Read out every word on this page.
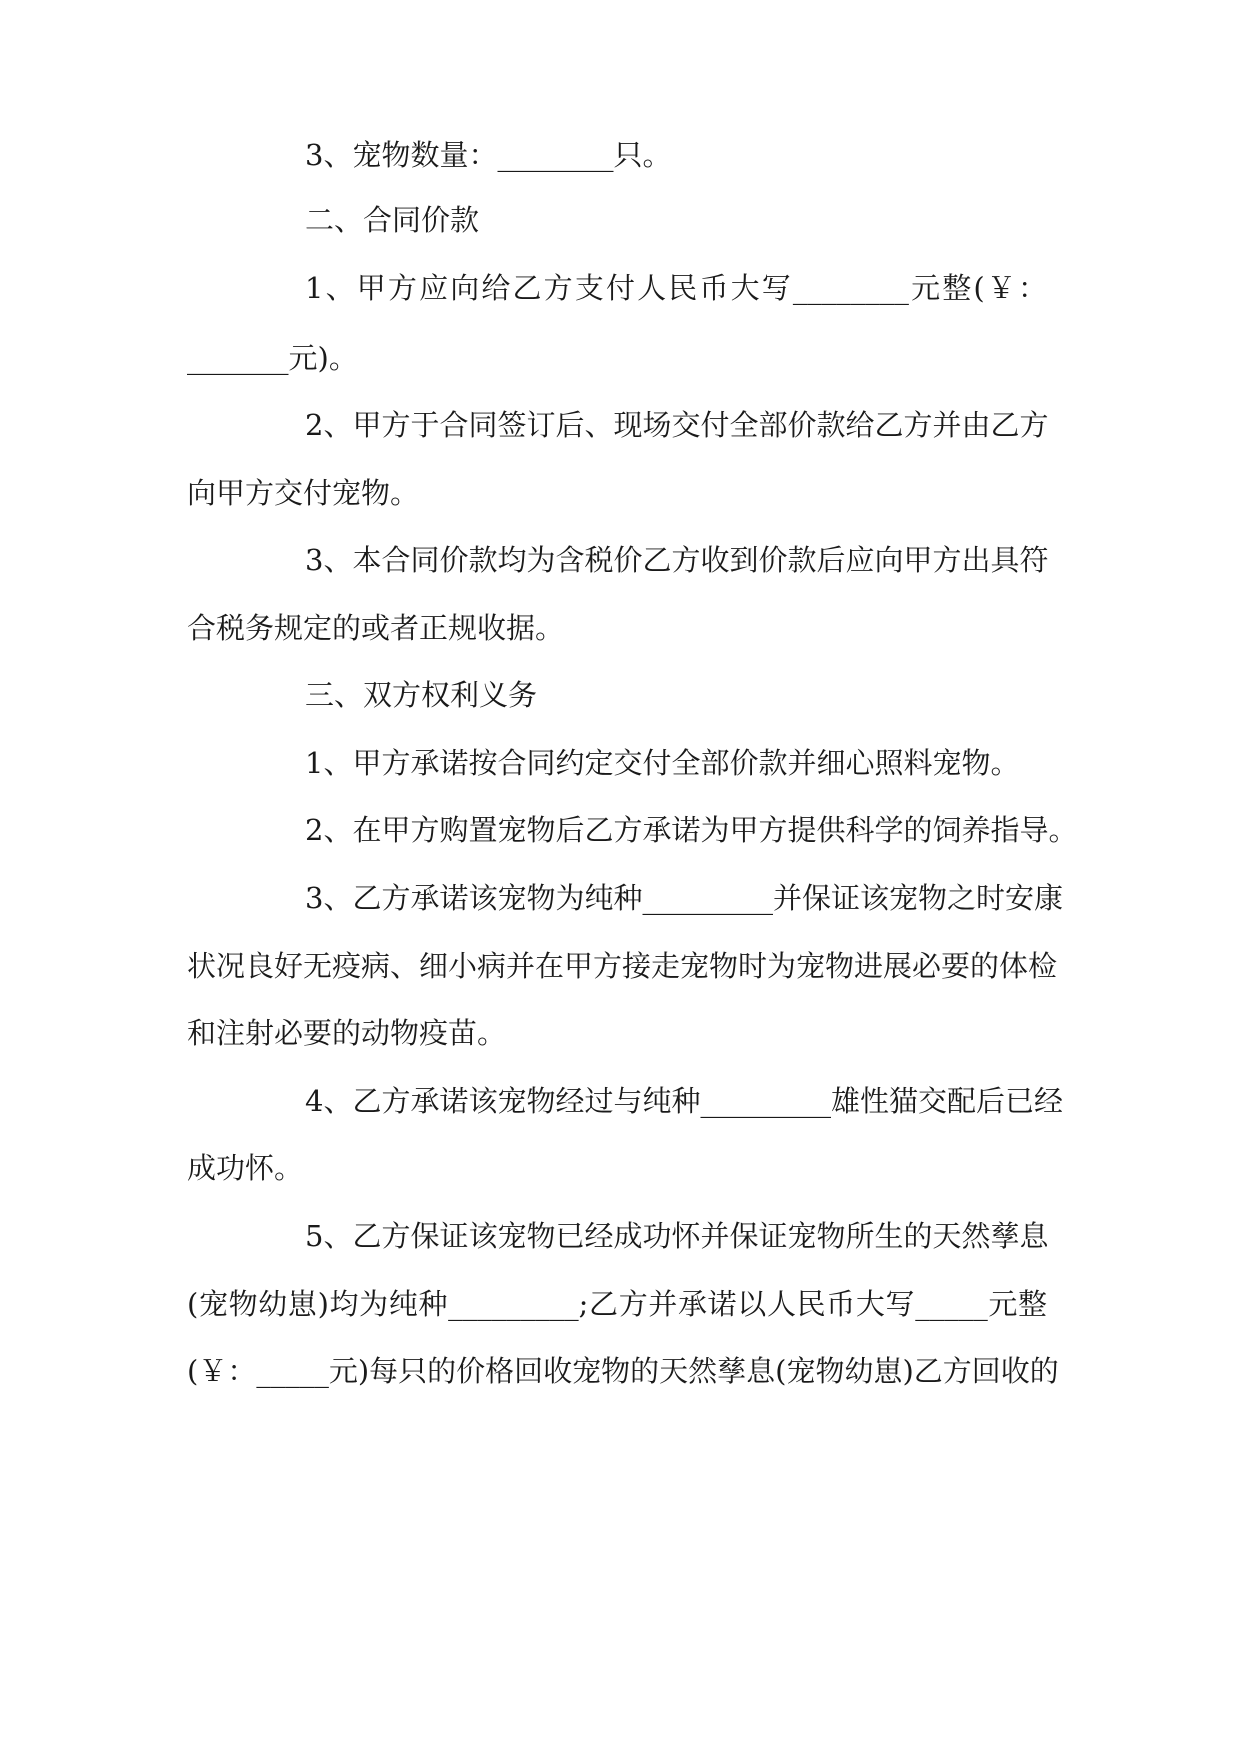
3、宠物数量：________只。
二、合同价款
1、甲方应向给乙方支付人民币大写________元整(￥：
_______元)。
2、甲方于合同签订后、现场交付全部价款给乙方并由乙方
向甲方交付宠物。
3、本合同价款均为含税价乙方收到价款后应向甲方出具符
合税务规定的或者正规收据。
三、双方权利义务
1、甲方承诺按合同约定交付全部价款并细心照料宠物。
2、在甲方购置宠物后乙方承诺为甲方提供科学的饲养指导。
3、乙方承诺该宠物为纯种_________并保证该宠物之时安康
状况良好无疫病、细小病并在甲方接走宠物时为宠物进展必要的体检
和注射必要的动物疫苗。
4、乙方承诺该宠物经过与纯种_________雄性猫交配后已经
成功怀。
5、乙方保证该宠物已经成功怀并保证宠物所生的天然孳息
(宠物幼崽)均为纯种_________;乙方并承诺以人民币大写_____元整
(￥：_____元)每只的价格回收宠物的天然孳息(宠物幼崽)乙方回收的
